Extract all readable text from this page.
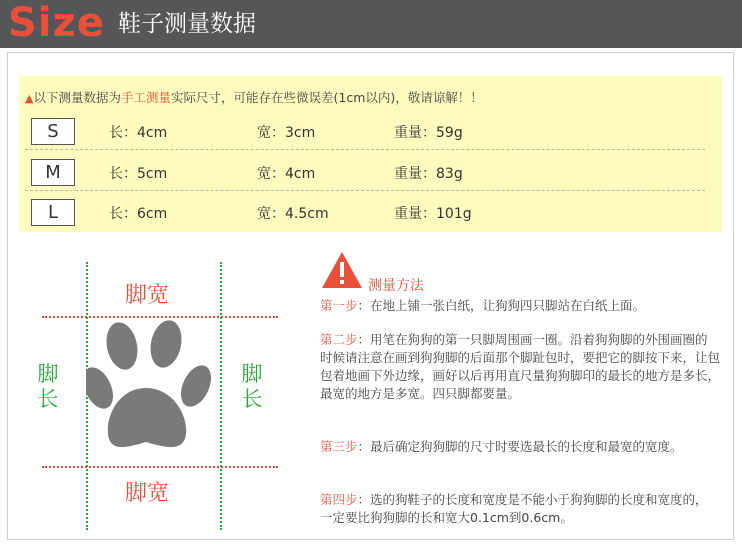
Size 鞋子测量数据
▲以下测量数据为手工测量实际尺寸，可能存在些微误差(1cm以内)，敬请谅解！！
S	长：4cm	宽：3cm	重量：59g
M	长：5cm	宽：4cm	重量：83g
L	长：6cm	宽：4.5cm	重量：101g
脚宽
脚宽
脚长
脚长
测量方法
第一步：在地上铺一张白纸，让狗狗四只脚站在白纸上面。
第二步：用笔在狗狗的第一只脚周围画一圈。沿着狗狗脚的外围画圈的时候请注意在画到狗狗脚的后面那个脚趾包时，要把它的脚按下来，让包包着地画下外边缘，画好以后再用直尺量狗狗脚印的最长的地方是多长，最宽的地方是多宽。四只脚都要量。
第三步：最后确定狗狗脚的尺寸时要选最长的长度和最宽的宽度。
第四步：选的狗鞋子的长度和宽度是不能小于狗狗脚的长度和宽度的，一定要比狗狗脚的长和宽大0.1cm到0.6cm。
